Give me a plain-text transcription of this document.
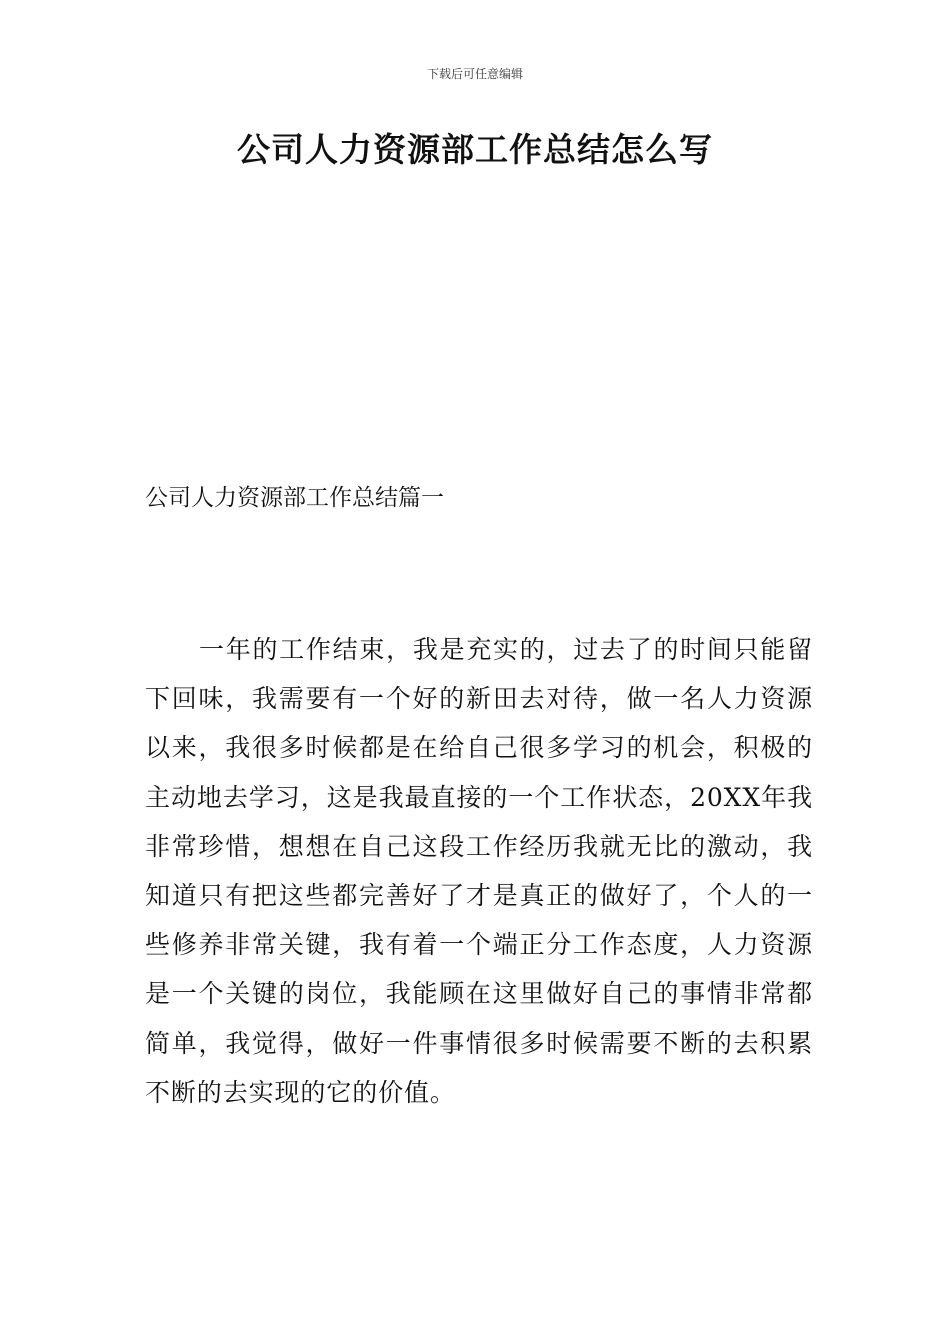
下载后可任意编辑
公司人力资源部工作总结怎么写
公司人力资源部工作总结篇一

一年的工作结束，我是充实的，过去了的时间只能留下回味，我需要有一个好的新田去对待，做一名人力资源以来，我很多时候都是在给自己很多学习的机会，积极的主动地去学习，这是我最直接的一个工作状态，20XX年我非常珍惜，想想在自己这段工作经历我就无比的激动，我知道只有把这些都完善好了才是真正的做好了，个人的一些修养非常关键，我有着一个端正分工作态度，人力资源是一个关键的岗位，我能顾在这里做好自己的事情非常都简单，我觉得，做好一件事情很多时候需要不断的去积累不断的去实现的它的价值。
